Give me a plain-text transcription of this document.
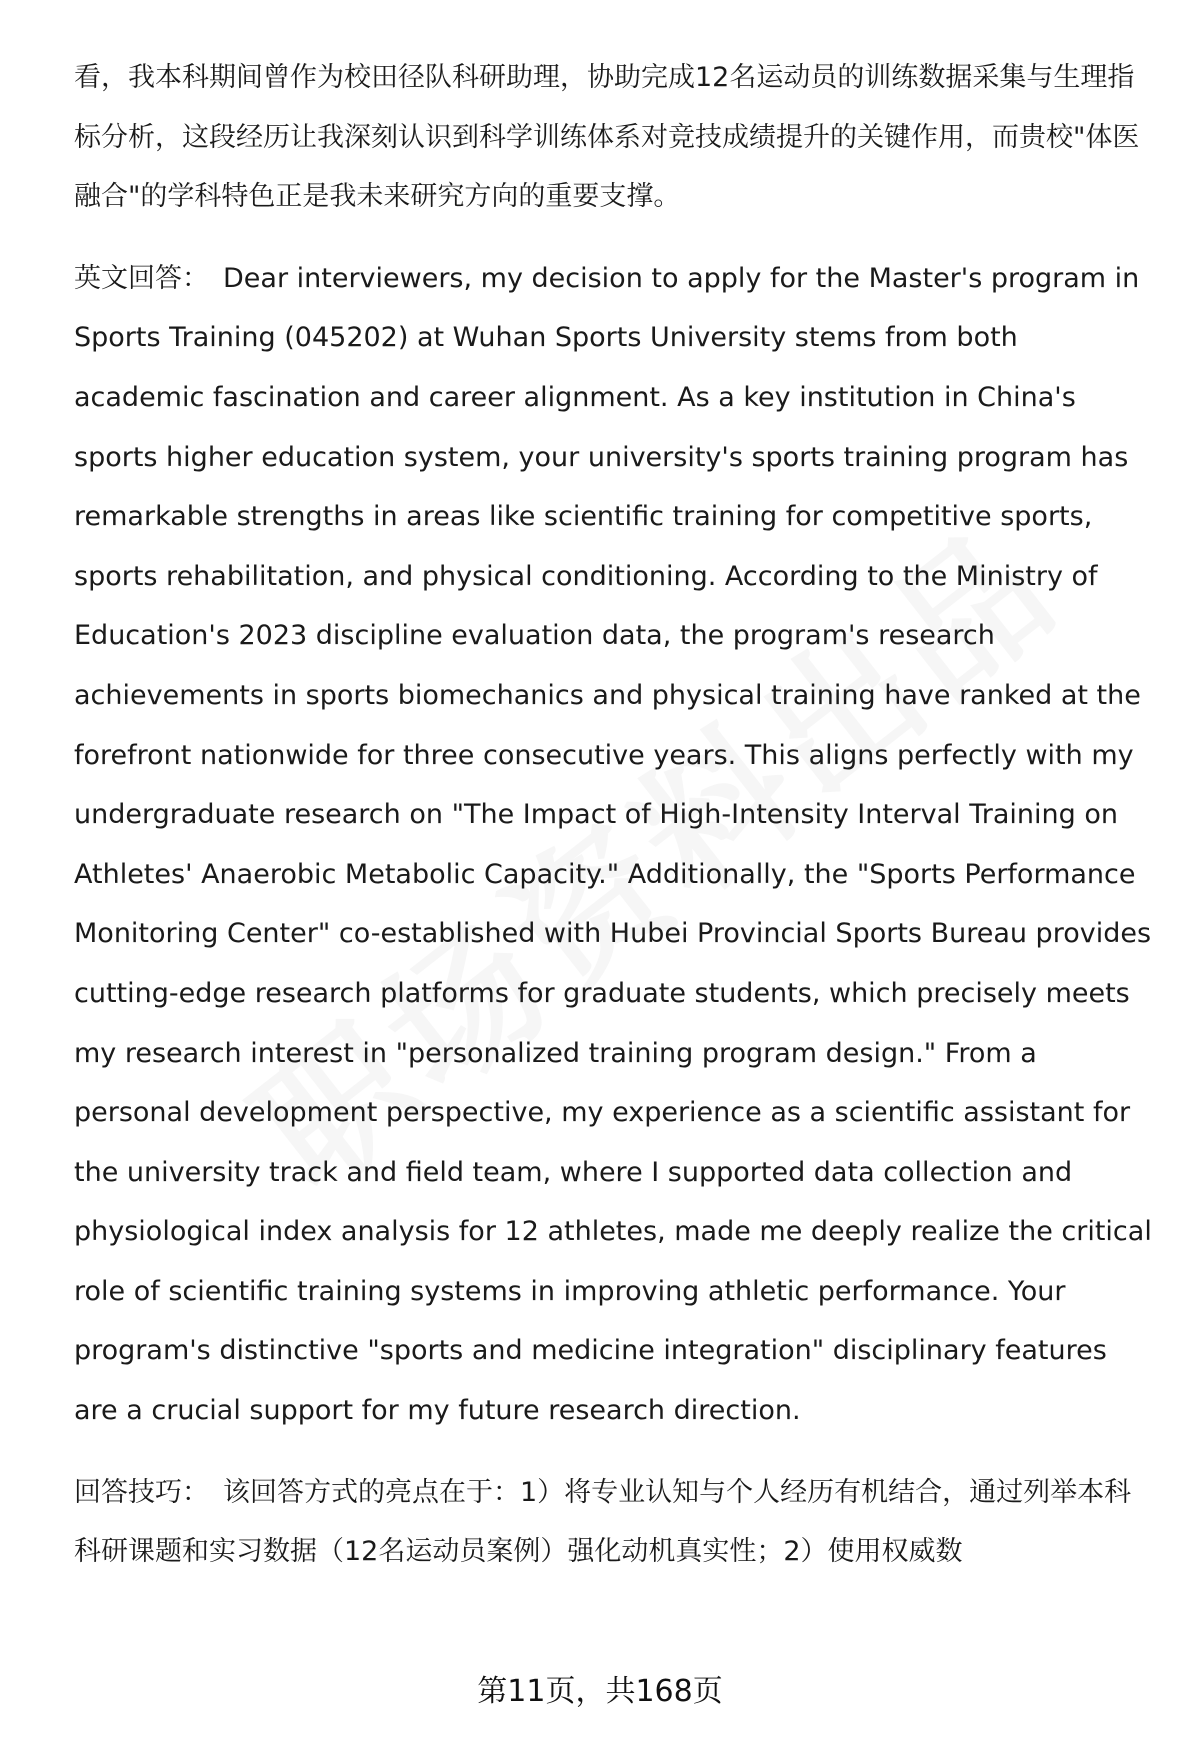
看，我本科期间曾作为校田径队科研助理，协助完成12名运动员的训练数据采集与生理指标分析，这段经历让我深刻认识到科学训练体系对竞技成绩提升的关键作用，而贵校"体医融合"的学科特色正是我未来研究方向的重要支撑。

英文回答： Dear interviewers, my decision to apply for the Master's program in Sports Training (045202) at Wuhan Sports University stems from both academic fascination and career alignment. As a key institution in China's sports higher education system, your university's sports training program has remarkable strengths in areas like scientific training for competitive sports, sports rehabilitation, and physical conditioning. According to the Ministry of Education's 2023 discipline evaluation data, the program's research achievements in sports biomechanics and physical training have ranked at the forefront nationwide for three consecutive years. This aligns perfectly with my undergraduate research on "The Impact of High-Intensity Interval Training on Athletes' Anaerobic Metabolic Capacity." Additionally, the "Sports Performance Monitoring Center" co-established with Hubei Provincial Sports Bureau provides cutting-edge research platforms for graduate students, which precisely meets my research interest in "personalized training program design." From a personal development perspective, my experience as a scientific assistant for the university track and field team, where I supported data collection and physiological index analysis for 12 athletes, made me deeply realize the critical role of scientific training systems in improving athletic performance. Your program's distinctive "sports and medicine integration" disciplinary features are a crucial support for my future research direction.

回答技巧： 该回答方式的亮点在于：1）将专业认知与个人经历有机结合，通过列举本科科研课题和实习数据（12名运动员案例）强化动机真实性；2）使用权威数

第11页，共168页
